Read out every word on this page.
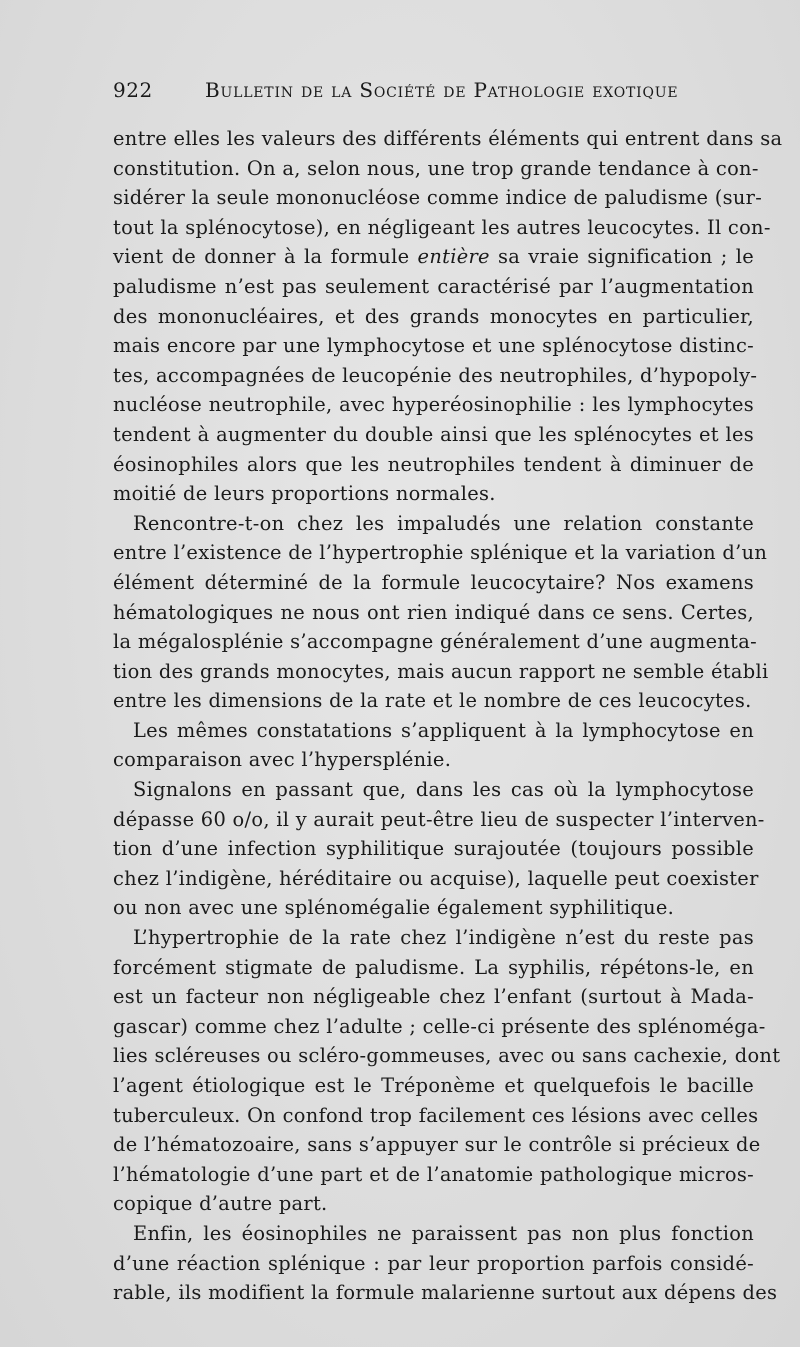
922	Bulletin de la Société de Pathologie exotique
entre elles les valeurs des différents éléments qui entrent dans sa
constitution. On a, selon nous, une trop grande tendance à con-
sidérer la seule mononucléose comme indice de paludisme (sur-
tout la splénocytose), en négligeant les autres leucocytes. Il con-
vient de donner à la formule entière sa vraie signification ; le
paludisme n’est pas seulement caractérisé par l’augmentation
des mononucléaires, et des grands monocytes en particulier,
mais encore par une lymphocytose et une splénocytose distinc-
tes, accompagnées de leucopénie des neutrophiles, d’hypopoly-
nucléose neutrophile, avec hyperéosinophilie : les lymphocytes
tendent à augmenter du double ainsi que les splénocytes et les
éosinophiles alors que les neutrophiles tendent à diminuer de
moitié de leurs proportions normales.
Rencontre-t-on chez les impaludés une relation constante
entre l’existence de l’hypertrophie splénique et la variation d’un
élément déterminé de la formule leucocytaire? Nos examens
hématologiques ne nous ont rien indiqué dans ce sens. Certes,
la mégalosplénie s’accompagne généralement d’une augmenta-
tion des grands monocytes, mais aucun rapport ne semble établi
entre les dimensions de la rate et le nombre de ces leucocytes.
Les mêmes constatations s’appliquent à la lymphocytose en
comparaison avec l’hypersplénie.
Signalons en passant que, dans les cas où la lymphocytose
dépasse 60 o/o, il y aurait peut-être lieu de suspecter l’interven-
tion d’une infection syphilitique surajoutée (toujours possible
chez l’indigène, héréditaire ou acquise), laquelle peut coexister
ou non avec une splénomégalie également syphilitique.
L’hypertrophie de la rate chez l’indigène n’est du reste pas
forcément stigmate de paludisme. La syphilis, répétons-le, en
est un facteur non négligeable chez l’enfant (surtout à Mada-
gascar) comme chez l’adulte ; celle-ci présente des splénoméga-
lies scléreuses ou scléro-gommeuses, avec ou sans cachexie, dont
l’agent étiologique est le Tréponème et quelquefois le bacille
tuberculeux. On confond trop facilement ces lésions avec celles
de l’hématozoaire, sans s’appuyer sur le contrôle si précieux de
l’hématologie d’une part et de l’anatomie pathologique micros-
copique d’autre part.
Enfin, les éosinophiles ne paraissent pas non plus fonction
d’une réaction splénique : par leur proportion parfois considé-
rable, ils modifient la formule malarienne surtout aux dépens des
